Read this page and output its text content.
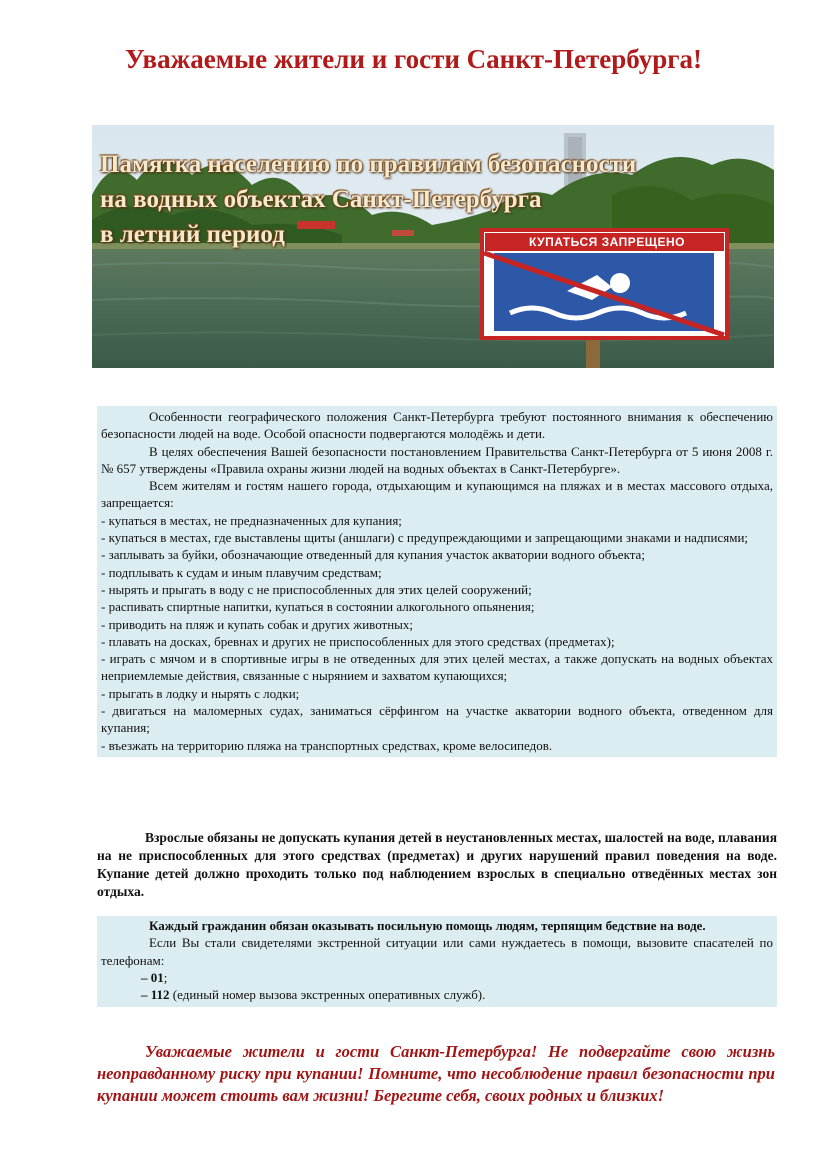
Уважаемые жители и гости Санкт-Петербурга!
Памятка населению по правилам безопасности
на водных объектах Санкт-Петербурга
в летний период	КУПАТЬСЯ ЗАПРЕЩЕНО

Особенности географического положения Санкт-Петербурга требуют постоянного внимания к обеспечению безопасности людей на воде. Особой опасности подвергаются молодёжь и дети.

В целях обеспечения Вашей безопасности постановлением Правительства Санкт-Петербурга от 5 июня 2008 г. № 657 утверждены «Правила охраны жизни людей на водных объектах в Санкт-Петербурге».

Всем жителям и гостям нашего города, отдыхающим и купающимся на пляжах и в местах массового отдыха, запрещается:

- купаться в местах, не предназначенных для купания;

- купаться в местах, где выставлены щиты (аншлаги) с предупреждающими и запрещающими знаками и надписями;

- заплывать за буйки, обозначающие отведенный для купания участок акватории водного объекта;

- подплывать к судам и иным плавучим средствам;

- нырять и прыгать в воду с не приспособленных для этих целей сооружений;

- распивать спиртные напитки, купаться в состоянии алкогольного опьянения;

- приводить на пляж и купать собак и других животных;

- плавать на досках, бревнах и других не приспособленных для этого средствах (предметах);

- играть с мячом и в спортивные игры в не отведенных для этих целей местах, а также допускать на водных объектах неприемлемые действия, связанные с нырянием и захватом купающихся;

- прыгать в лодку и нырять с лодки;

- двигаться на маломерных судах, заниматься сёрфингом на участке акватории водного объекта, отведенном для купания;

- въезжать на территорию пляжа на транспортных средствах, кроме велосипедов.

Взрослые обязаны не допускать купания детей в неустановленных местах, шалостей на воде, плавания на не приспособленных для этого средствах (предметах) и других нарушений правил поведения на воде. Купание детей должно проходить только под наблюдением взрослых в специально отведённых местах зон отдыха.

Каждый гражданин обязан оказывать посильную помощь людям, терпящим бедствие на воде.

Если Вы стали свидетелями экстренной ситуации или сами нуждаетесь в помощи, вызовите спасателей по телефонам:

– 01;

– 112 (единый номер вызова экстренных оперативных служб).

Уважаемые жители и гости Санкт-Петербурга! Не подвергайте свою жизнь неоправданному риску при купании! Помните, что несоблюдение правил безопасности при купании может стоить вам жизни! Берегите себя, своих родных и близких!
